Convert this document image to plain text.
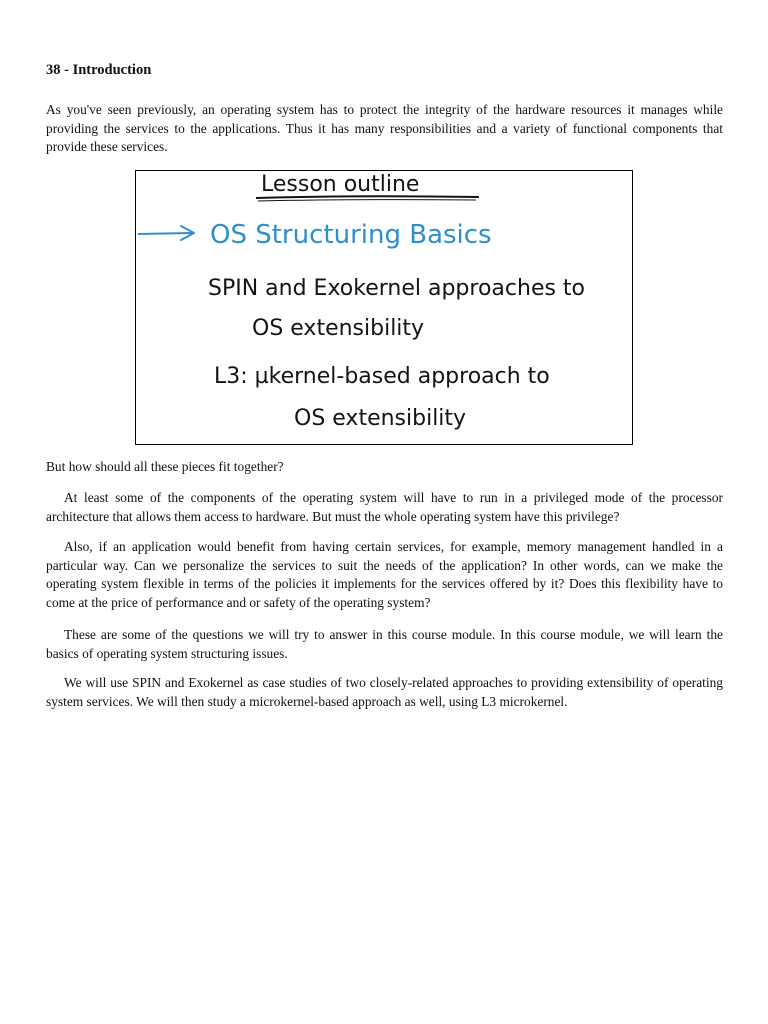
38 - Introduction

As you've seen previously, an operating system has to protect the integrity of the hardware resources it manages while providing the services to the applications. Thus it has many responsibilities and a variety of functional components that provide these services.

Lesson outline
OS Structuring Basics
SPIN and Exokernel approaches to
OS extensibility
L3: µkernel-based approach to
OS extensibility

But how should all these pieces fit together?

At least some of the components of the operating system will have to run in a privileged mode of the processor architecture that allows them access to hardware. But must the whole operating system have this privilege?

Also, if an application would benefit from having certain services, for example, memory management handled in a particular way. Can we personalize the services to suit the needs of the application? In other words, can we make the operating system flexible in terms of the policies it implements for the services offered by it? Does this flexibility have to come at the price of performance and or safety of the operating system?

These are some of the questions we will try to answer in this course module. In this course module, we will learn the basics of operating system structuring issues.

We will use SPIN and Exokernel as case studies of two closely-related approaches to providing extensibility of operating system services. We will then study a microkernel-based approach as well, using L3 microkernel.
